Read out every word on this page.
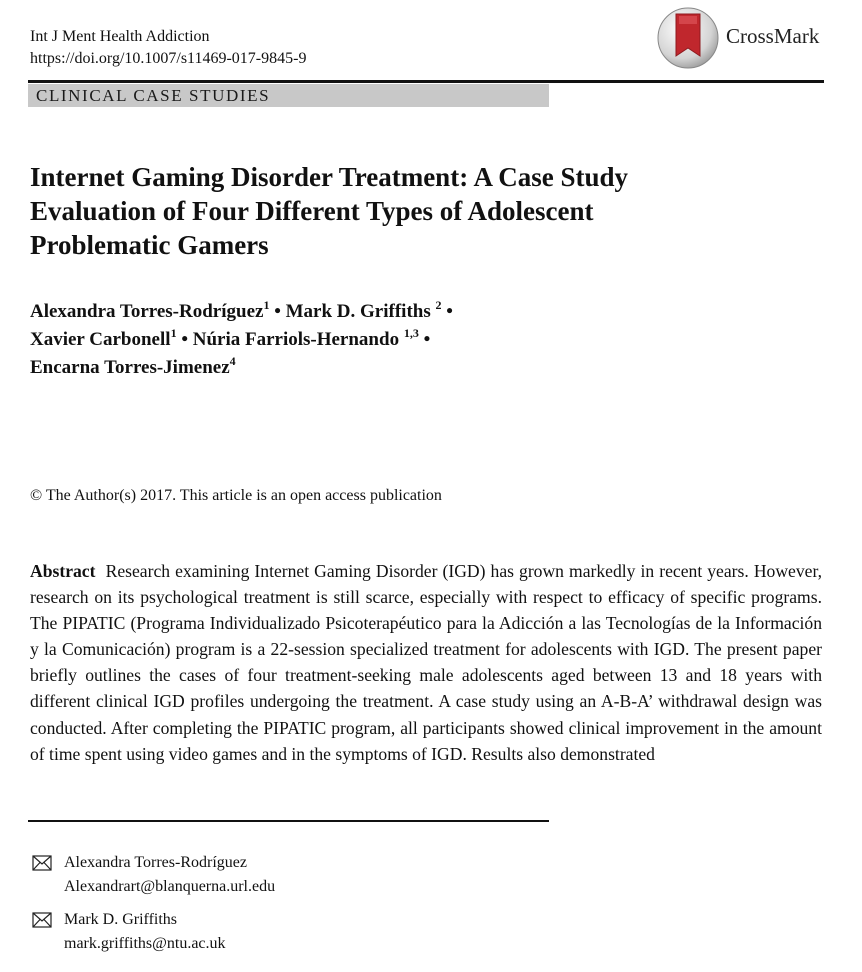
Int J Ment Health Addiction
https://doi.org/10.1007/s11469-017-9845-9
CrossMark
CLINICAL CASE STUDIES
Internet Gaming Disorder Treatment: A Case Study
Evaluation of Four Different Types of Adolescent
Problematic Gamers
Alexandra Torres-Rodríguez$^1$ • Mark D. Griffiths $^2$ •
Xavier Carbonell$^1$ • Núria Farriols-Hernando $^{1,3}$ •
Encarna Torres-Jimenez$^4$
© The Author(s) 2017. This article is an open access publication

Abstract Research examining Internet Gaming Disorder (IGD) has grown markedly in recent years. However, research on its psychological treatment is still scarce, especially with respect to efficacy of specific programs. The PIPATIC (Programa Individualizado Psicoterapéutico para la Adicción a las Tecnologías de la Información y la Comunicación) program is a 22-session specialized treatment for adolescents with IGD. The present paper briefly outlines the cases of four treatment-seeking male adolescents aged between 13 and 18 years with different clinical IGD profiles undergoing the treatment. A case study using an A-B-A’ withdrawal design was conducted. After completing the PIPATIC program, all participants showed clinical improvement in the amount of time spent using video games and in the symptoms of IGD. Results also demonstrated

Alexandra Torres-Rodríguez
Alexandrart@blanquerna.url.edu
Mark D. Griffiths
mark.griffiths@ntu.ac.uk
